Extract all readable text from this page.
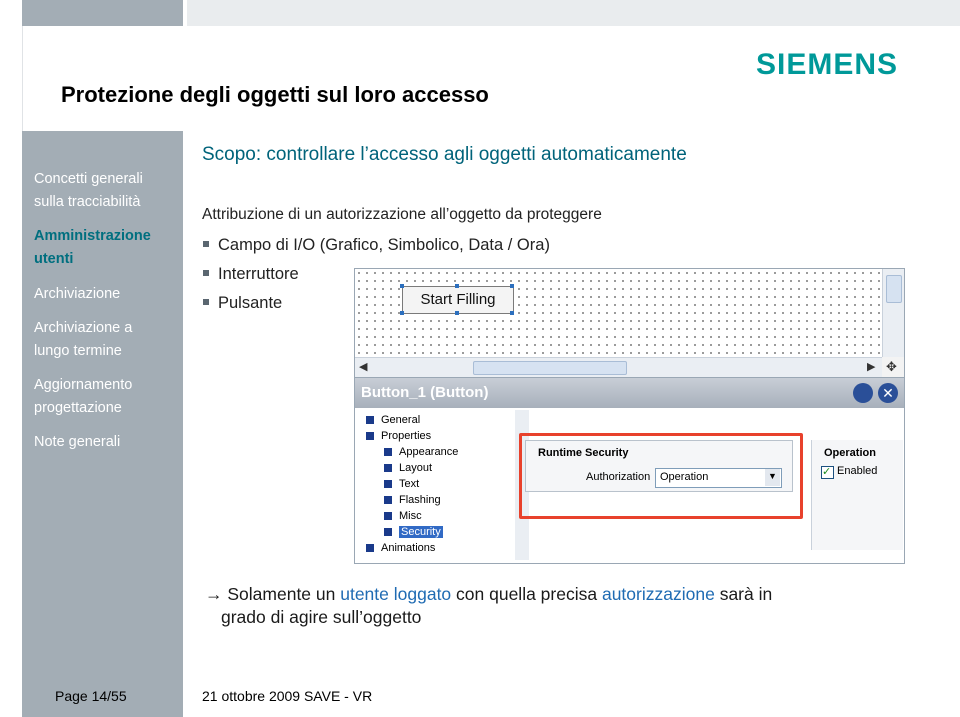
Protezione degli oggetti sul loro accesso
SIEMENS
Concetti generali
sulla tracciabilità
Amministrazione
utenti
Archiviazione
Archiviazione a
lungo termine
Aggiornamento
progettazione
Note generali
Scopo: controllare l’accesso agli oggetti automaticamente
Attribuzione di un autorizzazione all’oggetto da proteggere
Campo di I/O (Grafico, Simbolico, Data / Ora)
Interruttore
Pulsante	Start Filling
◀	▶ ✥
Button_1 (Button)	✕
General
Properties
Appearance
Layout
Text
Flashing
Misc
Security
Animations
Runtime Security
Authorization Operation	▼
Operation
✓ Enabled
→ Solamente un utente loggato con quella precisa autorizzazione sarà in
grado di agire sull’oggetto
© Siemens AG 2009. All Rights Reserved.
Page 14/55	21 ottobre 2009 SAVE - VR
